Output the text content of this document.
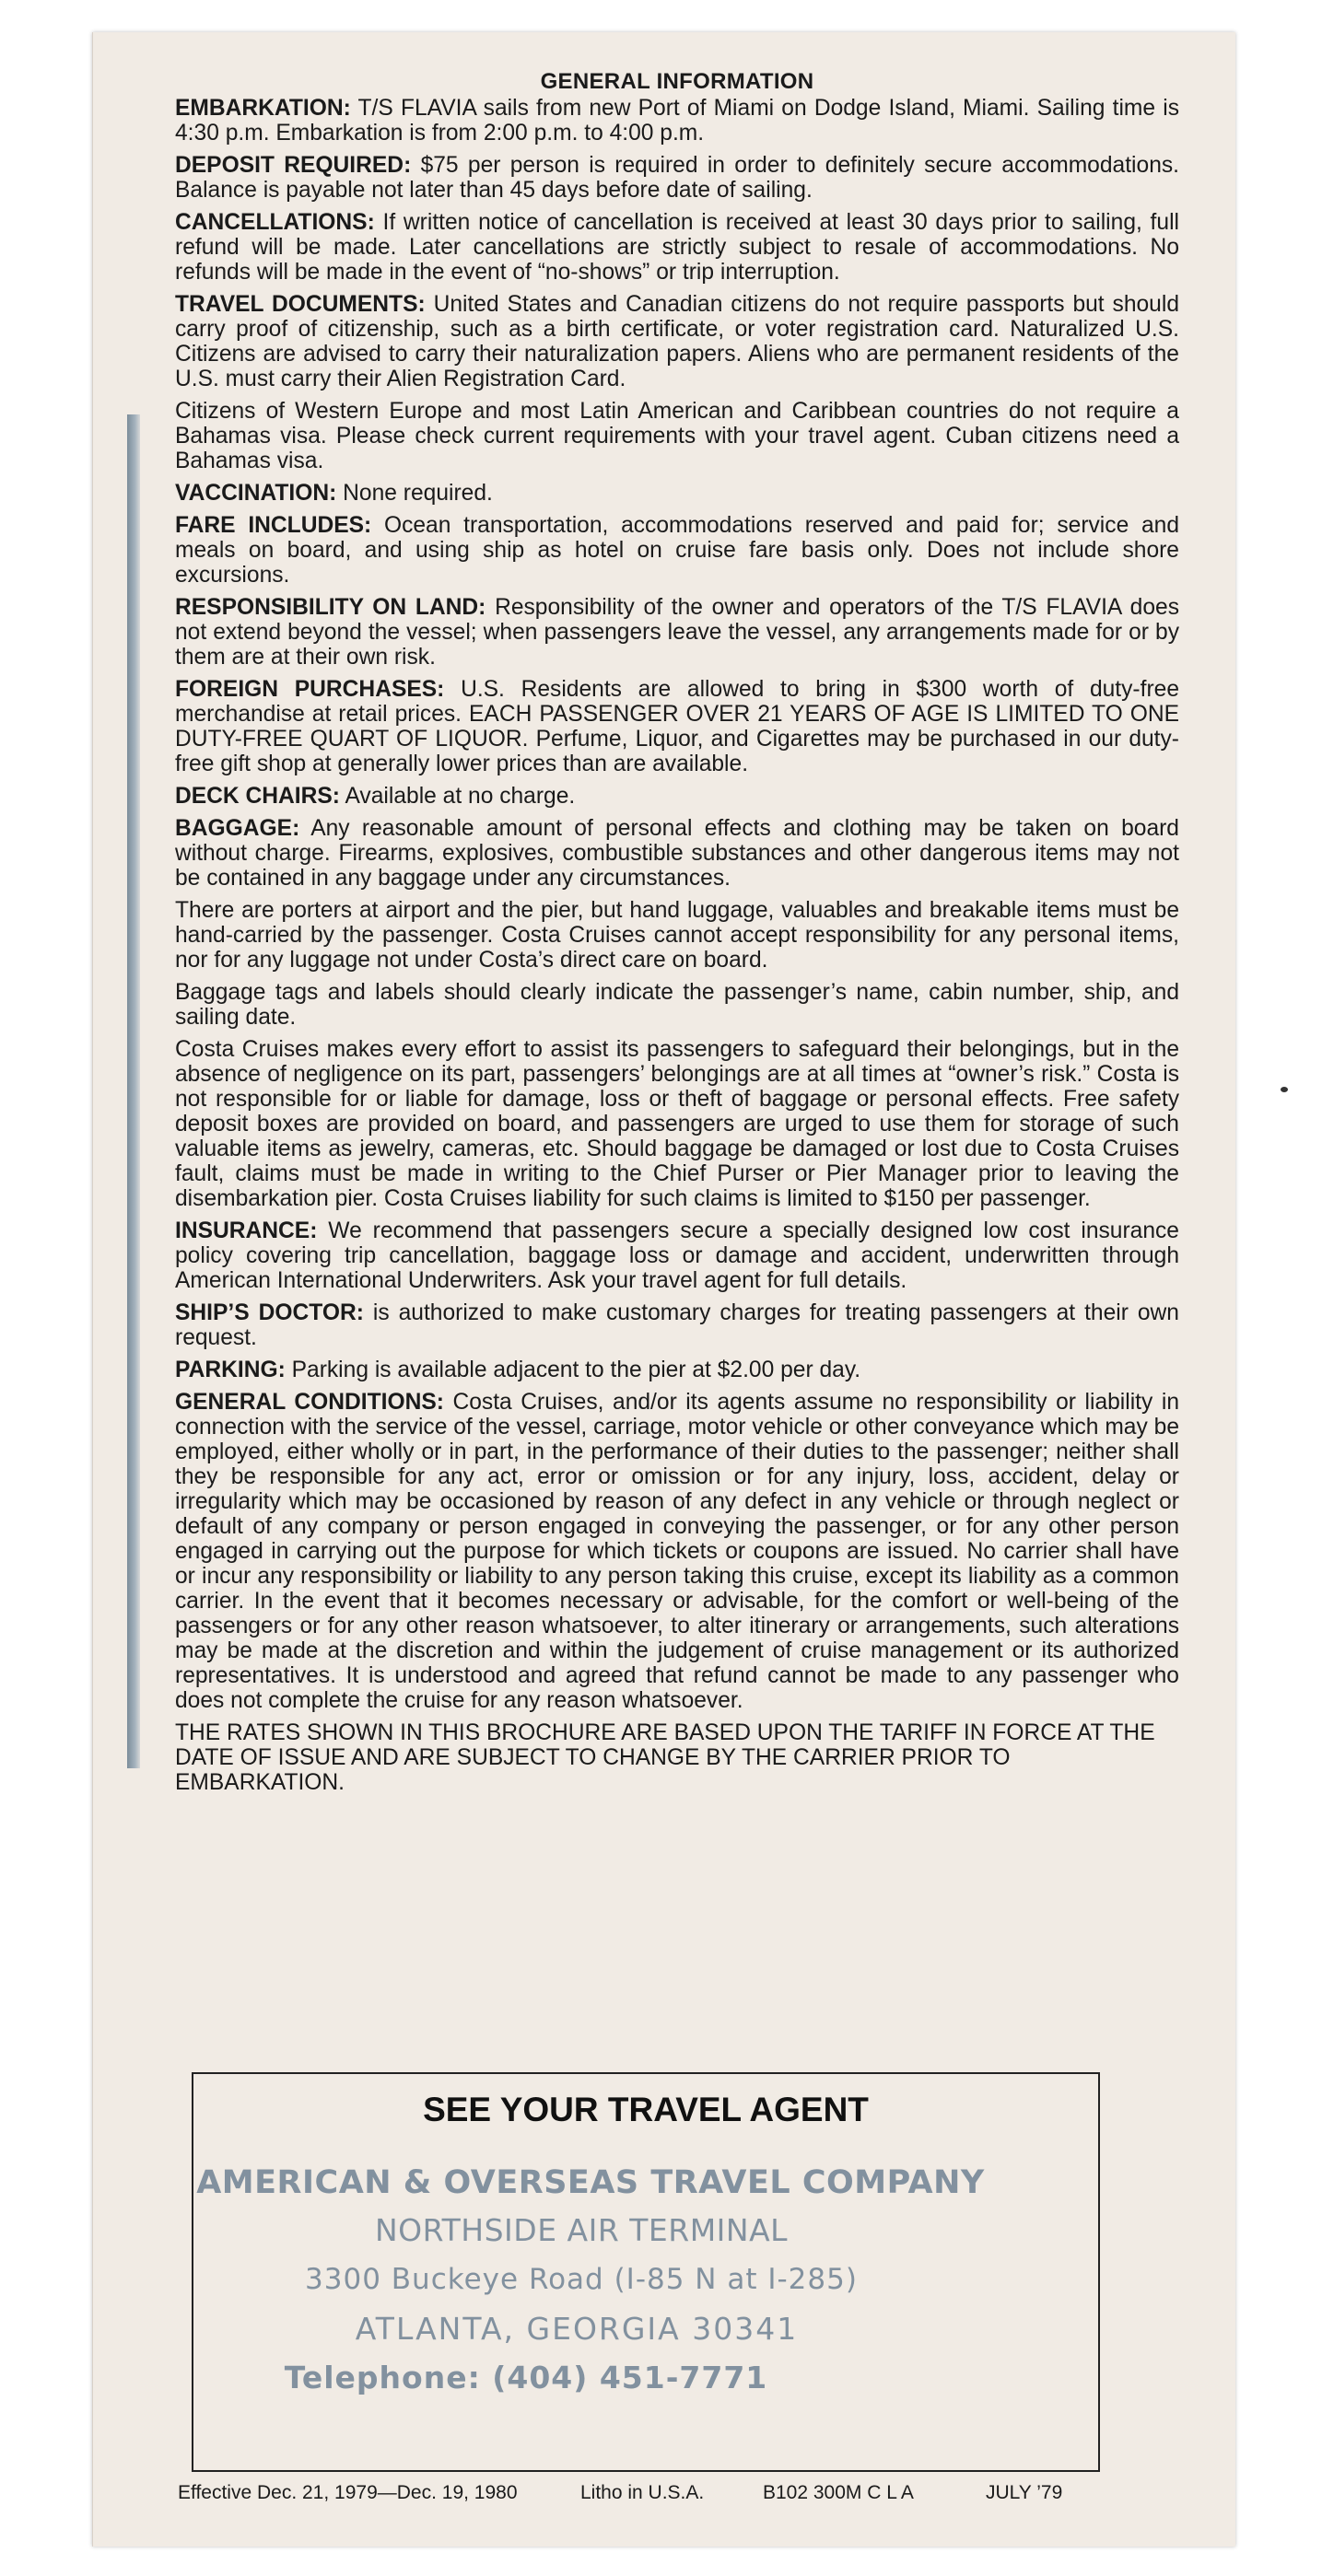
GENERAL INFORMATION
EMBARKATION: T/S FLAVIA sails from new Port of Miami on Dodge Island, Miami. Sailing time is 4:30 p.m. Embarkation is from 2:00 p.m. to 4:00 p.m.
DEPOSIT REQUIRED: $75 per person is required in order to definitely secure accommodations. Balance is payable not later than 45 days before date of sailing.
CANCELLATIONS: If written notice of cancellation is received at least 30 days prior to sailing, full refund will be made. Later cancellations are strictly subject to resale of accommodations. No refunds will be made in the event of “no-shows” or trip interruption.
TRAVEL DOCUMENTS: United States and Canadian citizens do not require passports but should carry proof of citizenship, such as a birth certificate, or voter registration card. Naturalized U.S. Citizens are advised to carry their naturalization papers. Aliens who are permanent residents of the U.S. must carry their Alien Registration Card.
Citizens of Western Europe and most Latin American and Caribbean countries do not require a Bahamas visa. Please check current requirements with your travel agent. Cuban citizens need a Bahamas visa.
VACCINATION: None required.
FARE INCLUDES: Ocean transportation, accommodations reserved and paid for; service and meals on board, and using ship as hotel on cruise fare basis only. Does not include shore excursions.
RESPONSIBILITY ON LAND: Responsibility of the owner and operators of the T/S FLAVIA does not extend beyond the vessel; when passengers leave the vessel, any arrangements made for or by them are at their own risk.
FOREIGN PURCHASES: U.S. Residents are allowed to bring in $300 worth of duty-free merchandise at retail prices. EACH PASSENGER OVER 21 YEARS OF AGE IS LIMITED TO ONE DUTY-FREE QUART OF LIQUOR. Perfume, Liquor, and Cigarettes may be purchased in our duty-free gift shop at generally lower prices than are available.
DECK CHAIRS: Available at no charge.
BAGGAGE: Any reasonable amount of personal effects and clothing may be taken on board without charge. Firearms, explosives, combustible substances and other dangerous items may not be contained in any baggage under any circumstances.
There are porters at airport and the pier, but hand luggage, valuables and breakable items must be hand-carried by the passenger. Costa Cruises cannot accept responsibility for any personal items, nor for any luggage not under Costa’s direct care on board.
Baggage tags and labels should clearly indicate the passenger’s name, cabin number, ship, and sailing date.
Costa Cruises makes every effort to assist its passengers to safeguard their belongings, but in the absence of negligence on its part, passengers’ belongings are at all times at “owner’s risk.” Costa is not responsible for or liable for damage, loss or theft of baggage or personal effects. Free safety deposit boxes are provided on board, and passengers are urged to use them for storage of such valuable items as jewelry, cameras, etc. Should baggage be damaged or lost due to Costa Cruises fault, claims must be made in writing to the Chief Purser or Pier Manager prior to leaving the disembarkation pier. Costa Cruises liability for such claims is limited to $150 per passenger.
INSURANCE: We recommend that passengers secure a specially designed low cost insurance policy covering trip cancellation, baggage loss or damage and accident, underwritten through American International Underwriters. Ask your travel agent for full details.
SHIP’S DOCTOR: is authorized to make customary charges for treating passengers at their own request.
PARKING: Parking is available adjacent to the pier at $2.00 per day.
GENERAL CONDITIONS: Costa Cruises, and/or its agents assume no responsibility or liability in connection with the service of the vessel, carriage, motor vehicle or other conveyance which may be employed, either wholly or in part, in the performance of their duties to the passenger; neither shall they be responsible for any act, error or omission or for any injury, loss, accident, delay or irregularity which may be occasioned by reason of any defect in any vehicle or through neglect or default of any company or person engaged in conveying the passenger, or for any other person engaged in carrying out the purpose for which tickets or coupons are issued. No carrier shall have or incur any responsibility or liability to any person taking this cruise, except its liability as a common carrier. In the event that it becomes necessary or advisable, for the comfort or well-being of the passengers or for any other reason whatsoever, to alter itinerary or arrangements, such alterations may be made at the discretion and within the judgement of cruise management or its authorized representatives. It is understood and agreed that refund cannot be made to any passenger who does not complete the cruise for any reason whatsoever.
THE RATES SHOWN IN THIS BROCHURE ARE BASED UPON THE TARIFF IN FORCE AT THE DATE OF ISSUE AND ARE SUBJECT TO CHANGE BY THE CARRIER PRIOR TO EMBARKATION.
SEE YOUR TRAVEL AGENT
AMERICAN & OVERSEAS TRAVEL COMPANY
NORTHSIDE AIR TERMINAL
3300 Buckeye Road (I-85 N at I-285)
ATLANTA, GEORGIA 30341
Telephone: (404) 451-7771
Effective Dec. 21, 1979—Dec. 19, 1980	Litho in U.S.A.	B102 300M C L A	JULY ’79
